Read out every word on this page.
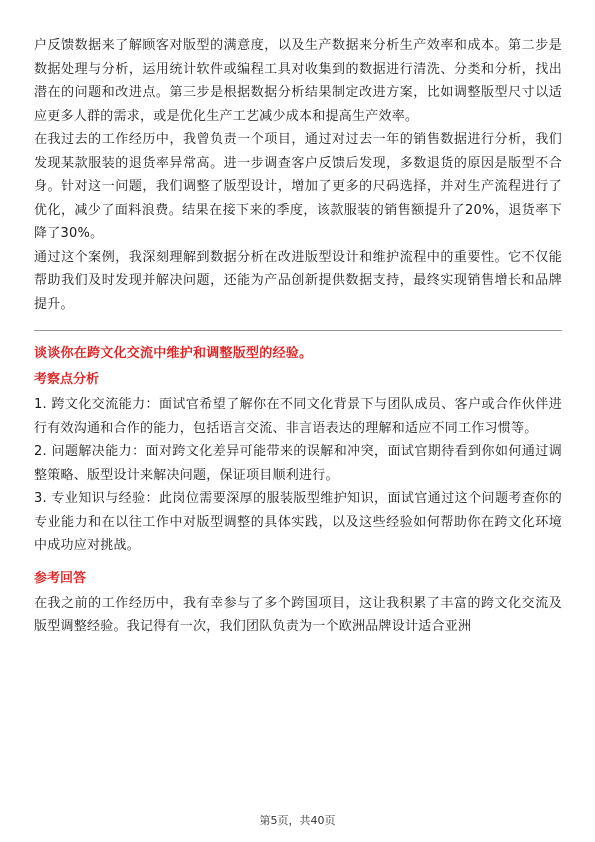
户反馈数据来了解顾客对版型的满意度，以及生产数据来分析生产效率和成本。第二步是数据处理与分析，运用统计软件或编程工具对收集到的数据进行清洗、分类和分析，找出潜在的问题和改进点。第三步是根据数据分析结果制定改进方案，比如调整版型尺寸以适应更多人群的需求，或是优化生产工艺减少成本和提高生产效率。

在我过去的工作经历中，我曾负责一个项目，通过对过去一年的销售数据进行分析，我们发现某款服装的退货率异常高。进一步调查客户反馈后发现，多数退货的原因是版型不合身。针对这一问题，我们调整了版型设计，增加了更多的尺码选择，并对生产流程进行了优化，减少了面料浪费。结果在接下来的季度，该款服装的销售额提升了20%，退货率下降了30%。

通过这个案例，我深刻理解到数据分析在改进版型设计和维护流程中的重要性。它不仅能帮助我们及时发现并解决问题，还能为产品创新提供数据支持，最终实现销售增长和品牌提升。

谈谈你在跨文化交流中维护和调整版型的经验。

考察点分析

1. 跨文化交流能力：面试官希望了解你在不同文化背景下与团队成员、客户或合作伙伴进行有效沟通和合作的能力，包括语言交流、非言语表达的理解和适应不同工作习惯等。

2. 问题解决能力：面对跨文化差异可能带来的误解和冲突，面试官期待看到你如何通过调整策略、版型设计来解决问题，保证项目顺利进行。

3. 专业知识与经验：此岗位需要深厚的服装版型维护知识，面试官通过这个问题考查你的专业能力和在以往工作中对版型调整的具体实践，以及这些经验如何帮助你在跨文化环境中成功应对挑战。

参考回答

在我之前的工作经历中，我有幸参与了多个跨国项目，这让我积累了丰富的跨文化交流及版型调整经验。我记得有一次，我们团队负责为一个欧洲品牌设计适合亚洲

第5页，共40页
